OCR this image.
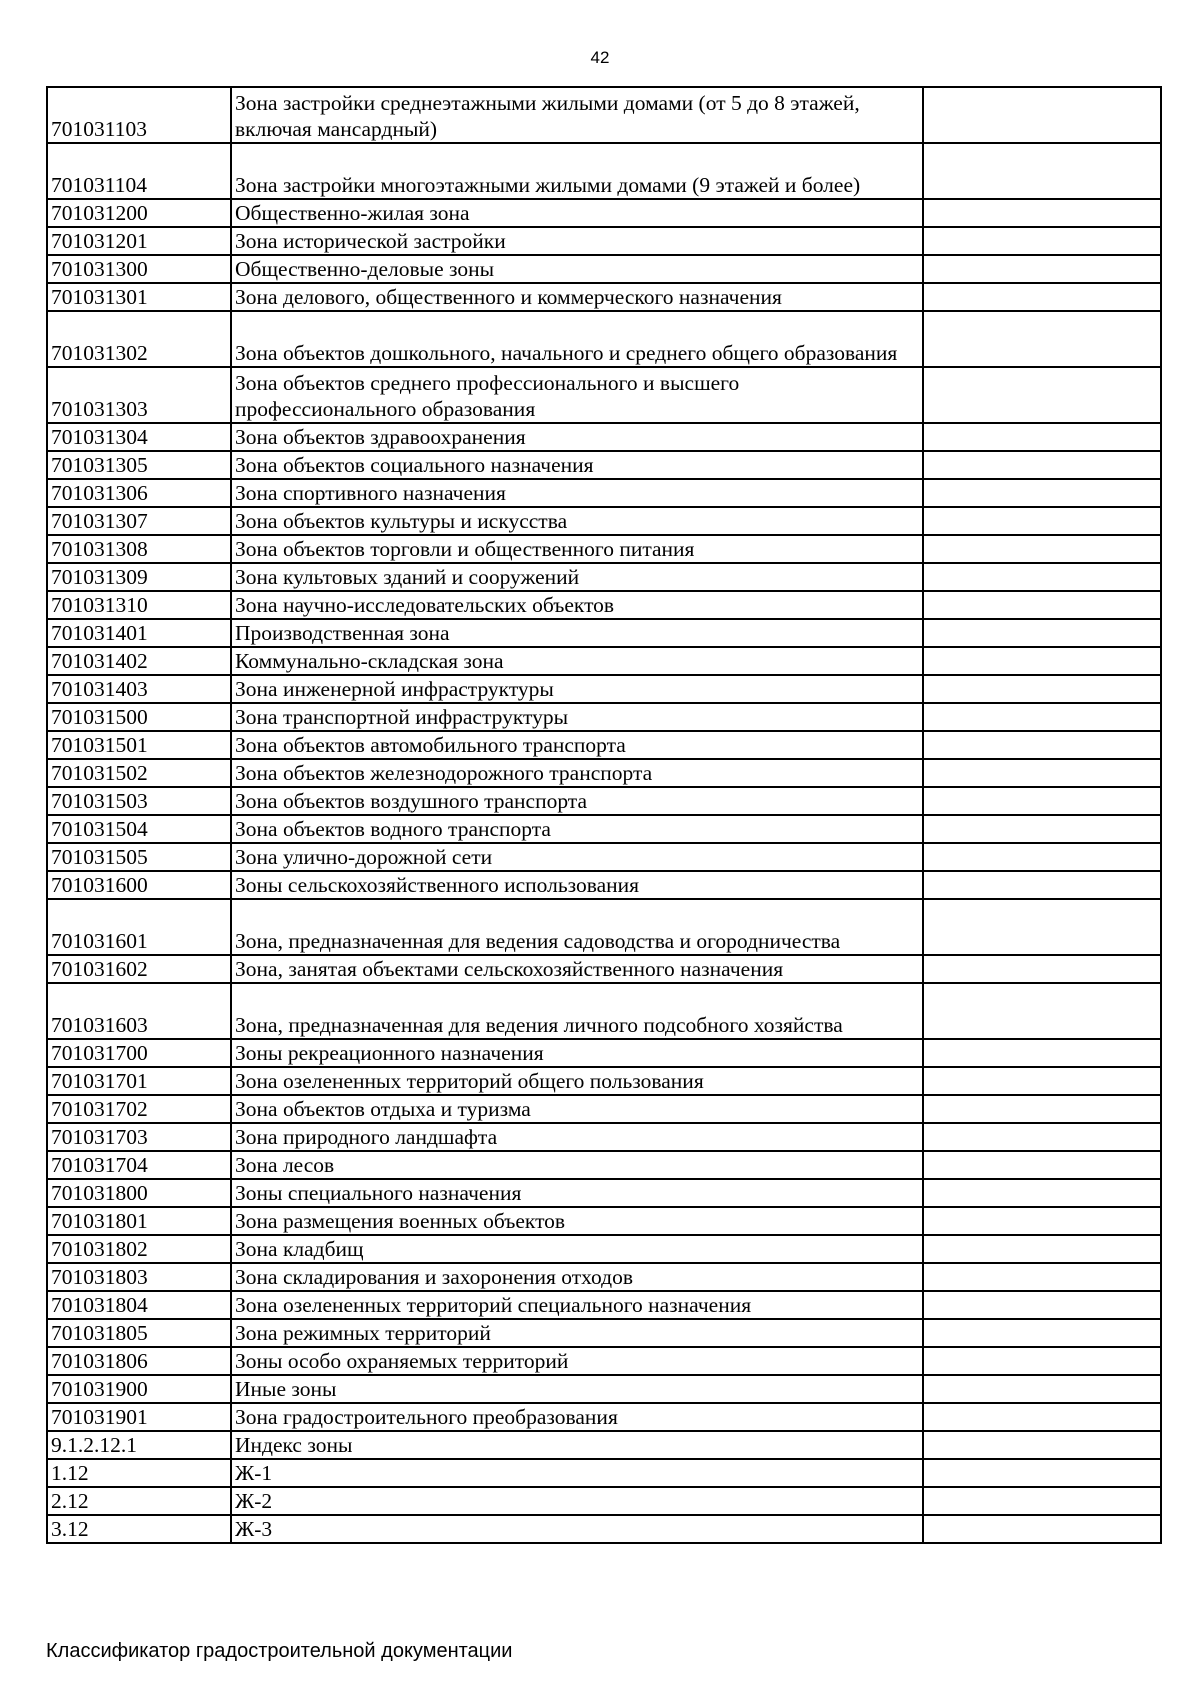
42
701031103	Зона застройки среднеэтажными жилыми домами (от 5 до 8 этажей, включая мансардный)	
701031104	Зона застройки многоэтажными жилыми домами (9 этажей и более)	
701031200	Общественно-жилая зона	
701031201	Зона исторической застройки	
701031300	Общественно-деловые зоны	
701031301	Зона делового, общественного и коммерческого назначения	
701031302	Зона объектов дошкольного, начального и среднего общего образования	
701031303	Зона объектов среднего профессионального и высшего профессионального образования	
701031304	Зона объектов здравоохранения	
701031305	Зона объектов социального назначения	
701031306	Зона спортивного назначения	
701031307	Зона объектов культуры и искусства	
701031308	Зона объектов торговли и общественного питания	
701031309	Зона культовых зданий и сооружений	
701031310	Зона научно-исследовательских объектов	
701031401	Производственная зона	
701031402	Коммунально-складская зона	
701031403	Зона инженерной инфраструктуры	
701031500	Зона транспортной инфраструктуры	
701031501	Зона объектов автомобильного транспорта	
701031502	Зона объектов железнодорожного транспорта	
701031503	Зона объектов воздушного транспорта	
701031504	Зона объектов водного транспорта	
701031505	Зона улично-дорожной сети	
701031600	Зоны сельскохозяйственного использования	
701031601	Зона, предназначенная для ведения садоводства и огородничества	
701031602	Зона, занятая объектами сельскохозяйственного назначения	
701031603	Зона, предназначенная для ведения личного подсобного хозяйства	
701031700	Зоны рекреационного назначения	
701031701	Зона озелененных территорий общего пользования	
701031702	Зона объектов отдыха и туризма	
701031703	Зона природного ландшафта	
701031704	Зона лесов	
701031800	Зоны специального назначения	
701031801	Зона размещения военных объектов	
701031802	Зона кладбищ	
701031803	Зона складирования и захоронения отходов	
701031804	Зона озелененных территорий специального назначения	
701031805	Зона режимных территорий	
701031806	Зоны особо охраняемых территорий	
701031900	Иные зоны	
701031901	Зона градостроительного преобразования	
9.1.2.12.1	Индекс зоны	
1.12	Ж-1	
2.12	Ж-2	
3.12	Ж-3	
Классификатор градостроительной документации
